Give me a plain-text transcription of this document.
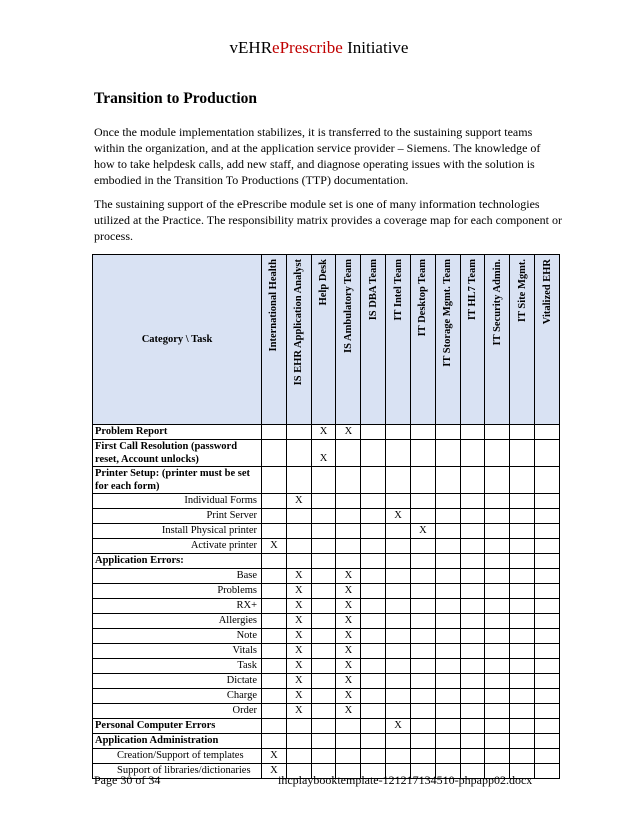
vEHRePrescribe Initiative
Transition to Production

Once the module implementation stabilizes, it is transferred to the sustaining support teams within the organization, and at the application service provider – Siemens. The knowledge of how to take helpdesk calls, add new staff, and diagnose operating issues with the solution is embodied in the Transition To Productions (TTP) documentation.

The sustaining support of the ePrescribe module set is one of many information technologies utilized at the Practice. The responsibility matrix provides a coverage map for each component or process.

Category \ Task	International Health	IS EHR Application Analyst	Help Desk	IS Ambulatory Team	IS DBA Team	IT Intel Team	IT Desktop Team	IT Storage Mgmt. Team	IT HL7 Team	IT Security Admin.	IT Site Mgmt.	Vitalized EHR

Problem Report			X	X								
First Call Resolution (password reset, Account unlocks)			X									
Printer Setup: (printer must be set for each form)												
Individual Forms		X										
Print Server						X						
Install Physical printer							X					
Activate printer	X											
Application Errors:												
Base		X		X								
Problems		X		X								
RX+		X		X								
Allergies		X		X								
Note		X		X								
Vitals		X		X								
Task		X		X								
Dictate		X		X								
Charge		X		X								
Order		X		X								
Personal Computer Errors						X						
Application Administration												
Creation/Support of templates	X											
Support of libraries/dictionaries	X											
Page 30 of 34	ihcplaybooktemplate-121217134510-phpapp02.docx
